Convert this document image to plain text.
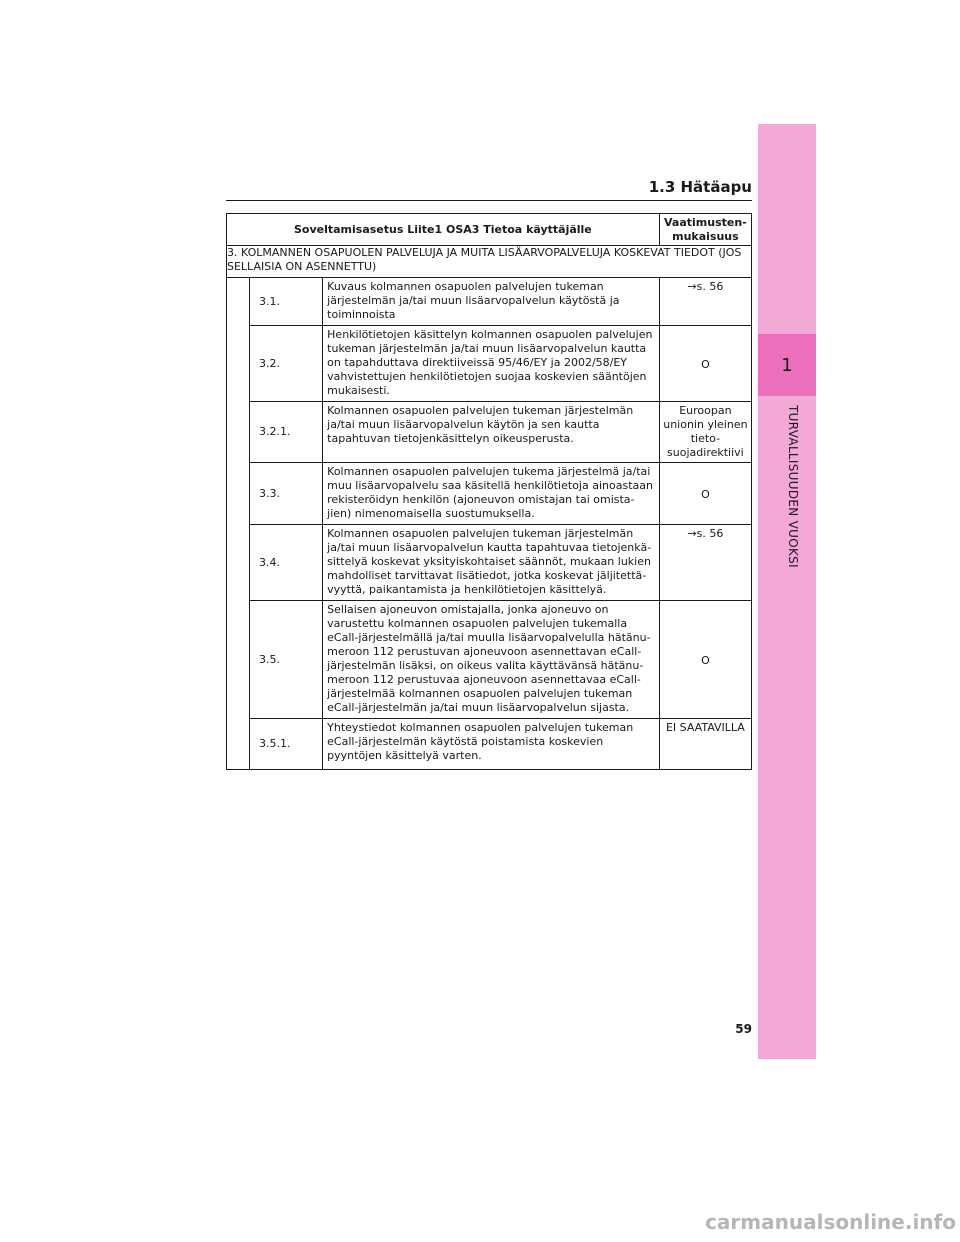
1
TURVALLISUUDEN VUOKSI
1.3 Hätäapu
Soveltamisasetus Liite1 OSA3 Tietoa käyttäjälle			Vaatimusten-mukaisuus
3. KOLMANNEN OSAPUOLEN PALVELUJA JA MUITA LISÄARVOPALVELUJA KOSKEVAT TIEDOT (JOS SELLAISIA ON ASENNETTU)			
	3.1.	Kuvaus kolmannen osapuolen palvelujen tukeman järjestelmän ja/tai muun lisäarvopalvelun käytöstä ja toiminnoista	→s. 56
	3.2.	Henkilötietojen käsittelyn kolmannen osapuolen palvelujen tukeman järjestelmän ja/tai muun lisäarvopalvelun kautta on tapahduttava direktiiveissä 95/46/EY ja 2002/58/EY vahvistettujen henkilötietojen suojaa koskevien sääntöjen mukaisesti.	O
	3.2.1.	Kolmannen osapuolen palvelujen tukeman järjestelmän ja/tai muun lisäarvopalvelun käytön ja sen kautta tapahtuvan tietojenkäsittelyn oikeusperusta.	Euroopan unionin yleinen tieto-suojadirektiivi
	3.3.	Kolmannen osapuolen palvelujen tukema järjestelmä ja/tai muu lisäarvopalvelu saa käsitellä henkilötietoja ainoastaan rekisteröidyn henkilön (ajoneuvon omistajan tai omista-jien) nimenomaisella suostumuksella.	O
	3.4.	Kolmannen osapuolen palvelujen tukeman järjestelmän ja/tai muun lisäarvopalvelun kautta tapahtuvaa tietojenkä-sittelyä koskevat yksityiskohtaiset säännöt, mukaan lukien mahdolliset tarvittavat lisätiedot, jotka koskevat jäljitettä-vyyttä, paikantamista ja henkilötietojen käsittelyä.	→s. 56
	3.5.	Sellaisen ajoneuvon omistajalla, jonka ajoneuvo on varustettu kolmannen osapuolen palvelujen tukemalla eCall-järjestelmällä ja/tai muulla lisäarvopalvelulla hätänu-meroon 112 perustuvan ajoneuvoon asennettavan eCall-järjestelmän lisäksi, on oikeus valita käyttävänsä hätänu-meroon 112 perustuvaa ajoneuvoon asennettavaa eCall-järjestelmää kolmannen osapuolen palvelujen tukeman eCall-järjestelmän ja/tai muun lisäarvopalvelun sijasta.	O
	3.5.1.	Yhteystiedot kolmannen osapuolen palvelujen tukeman eCall-järjestelmän käytöstä poistamista koskevien pyyntöjen käsittelyä varten.	EI SAATAVILLA
59
carmanualsonline.info
